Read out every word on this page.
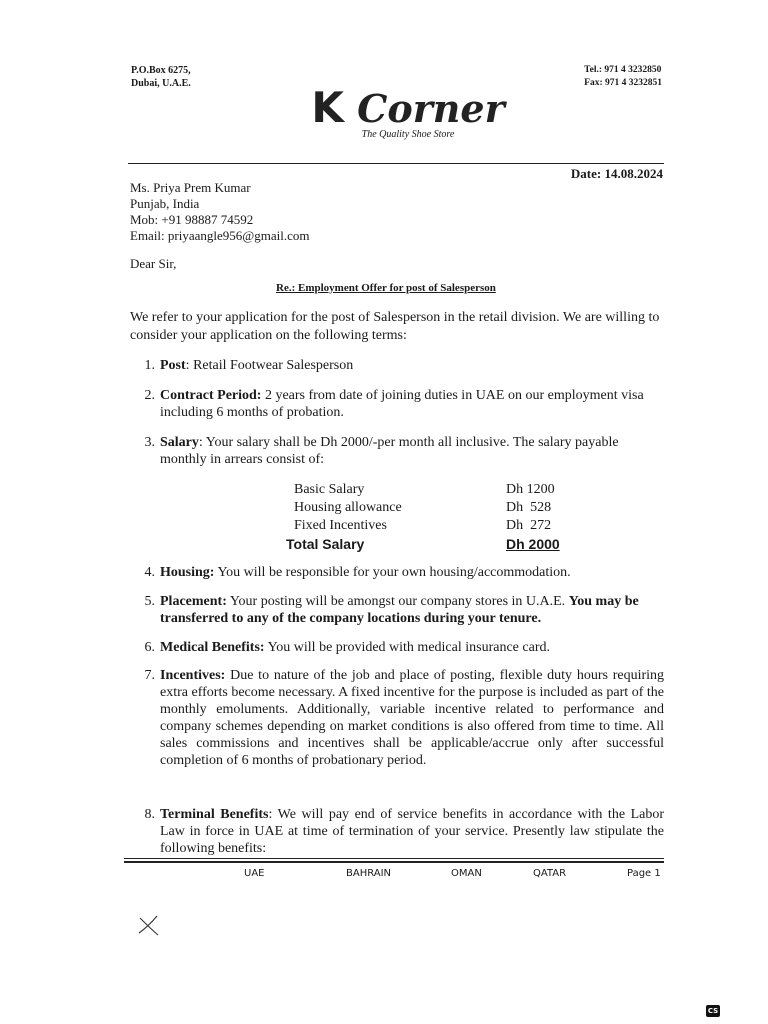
P.O.Box 6275,
Dubai, U.A.E.
Tel.: 971 4 3232850
Fax: 971 4 3232851
K Corner
The Quality Shoe Store
Date: 14.08.2024
Ms. Priya Prem Kumar
Punjab, India
Mob: +91 98887 74592
Email: priyaangle956@gmail.com
Dear Sir,
Re.: Employment Offer for post of Salesperson
We refer to your application for the post of Salesperson in the retail division. We are willing to consider your application on the following terms:
1. Post: Retail Footwear Salesperson
2. Contract Period: 2 years from date of joining duties in UAE on our employment visa including 6 months of probation.
3. Salary: Your salary shall be Dh 2000/-per month all inclusive. The salary payable monthly in arrears consist of:
Basic Salary	Dh 1200
Housing allowance	Dh  528
Fixed Incentives	Dh  272
Total Salary	Dh 2000
4. Housing: You will be responsible for your own housing/accommodation.
5. Placement: Your posting will be amongst our company stores in U.A.E. You may be transferred to any of the company locations during your tenure.
6. Medical Benefits: You will be provided with medical insurance card.
7. Incentives: Due to nature of the job and place of posting, flexible duty hours requiring extra efforts become necessary. A fixed incentive for the purpose is included as part of the monthly emoluments. Additionally, variable incentive related to performance and company schemes depending on market conditions is also offered from time to time. All sales commissions and incentives shall be applicable/accrue only after successful completion of 6 months of probationary period.
8. Terminal Benefits: We will pay end of service benefits in accordance with the Labor Law in force in UAE at time of termination of your service. Presently law stipulate the following benefits:
UAE	BAHRAIN	OMAN	QATAR	Page 1
CS
